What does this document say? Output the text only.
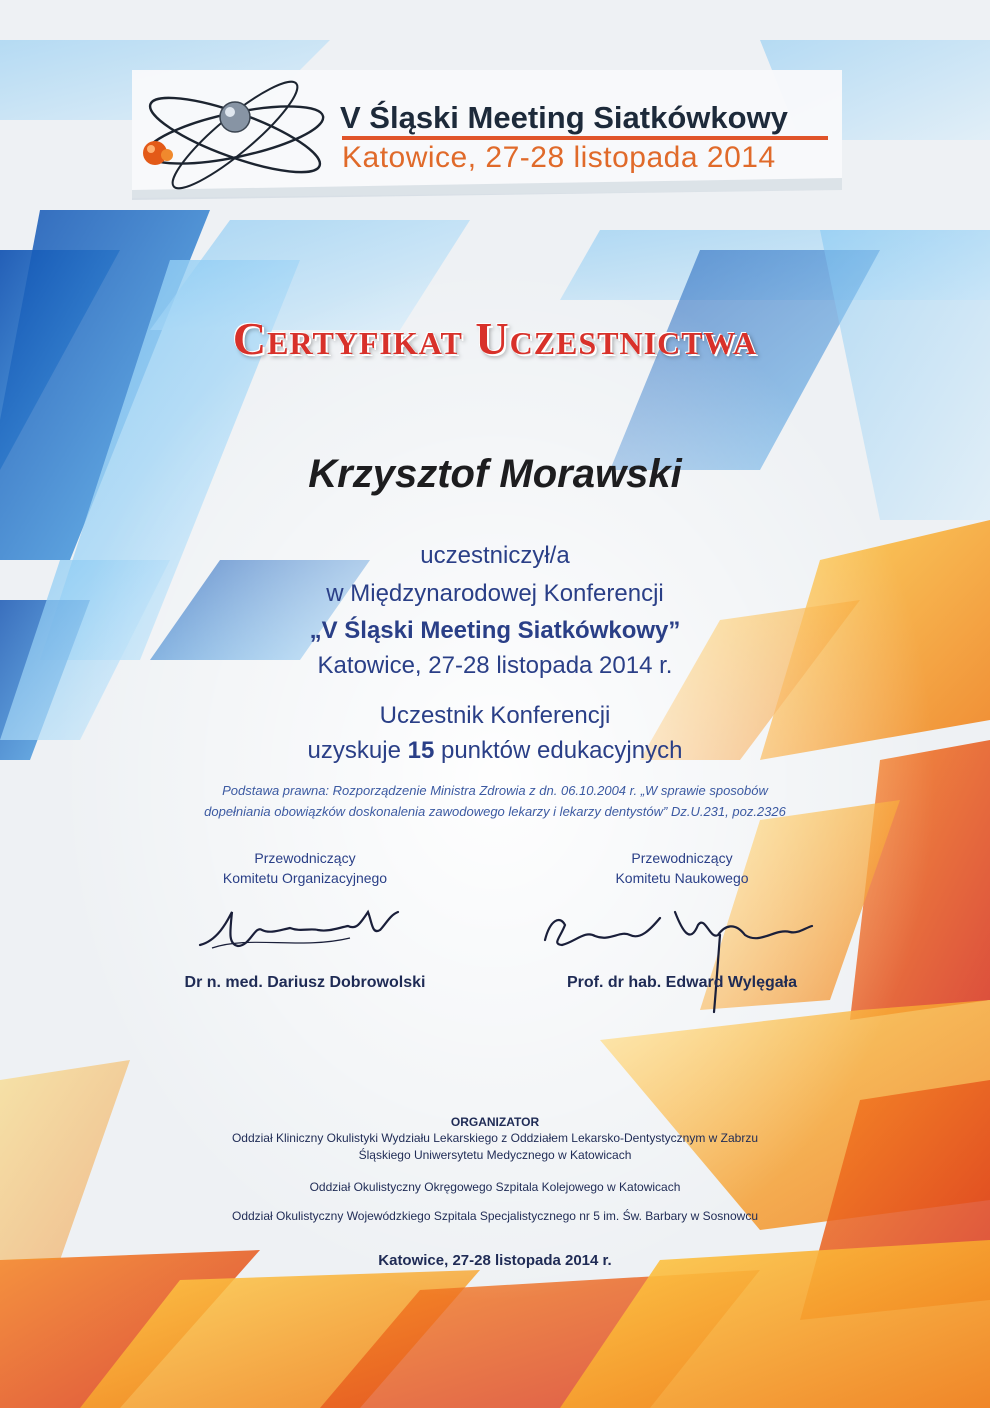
V Śląski Meeting Siatkówkowy
Katowice, 27-28 listopada 2014
Certyfikat Uczestnictwa
Krzysztof Morawski
uczestniczył/a
w Międzynarodowej Konferencji
„V Śląski Meeting Siatkówkowy”
Katowice, 27-28 listopada 2014 r.
Uczestnik Konferencji
uzyskuje 15 punktów edukacyjnych
Podstawa prawna: Rozporządzenie Ministra Zdrowia z dn. 06.10.2004 r. „W sprawie sposobów
dopełniania obowiązków doskonalenia zawodowego lekarzy i lekarzy dentystów” Dz.U.231, poz.2326
Przewodniczący
Komitetu Organizacyjnego
Dr n. med. Dariusz Dobrowolski
Przewodniczący
Komitetu Naukowego
Prof. dr hab. Edward Wylęgała
ORGANIZATOR
Oddział Kliniczny Okulistyki Wydziału Lekarskiego z Oddziałem Lekarsko-Dentystycznym w Zabrzu
Śląskiego Uniwersytetu Medycznego w Katowicach
Oddział Okulistyczny Okręgowego Szpitala Kolejowego w Katowicach
Oddział Okulistyczny Wojewódzkiego Szpitala Specjalistycznego nr 5 im. Św. Barbary w Sosnowcu
Katowice, 27-28 listopada 2014 r.
